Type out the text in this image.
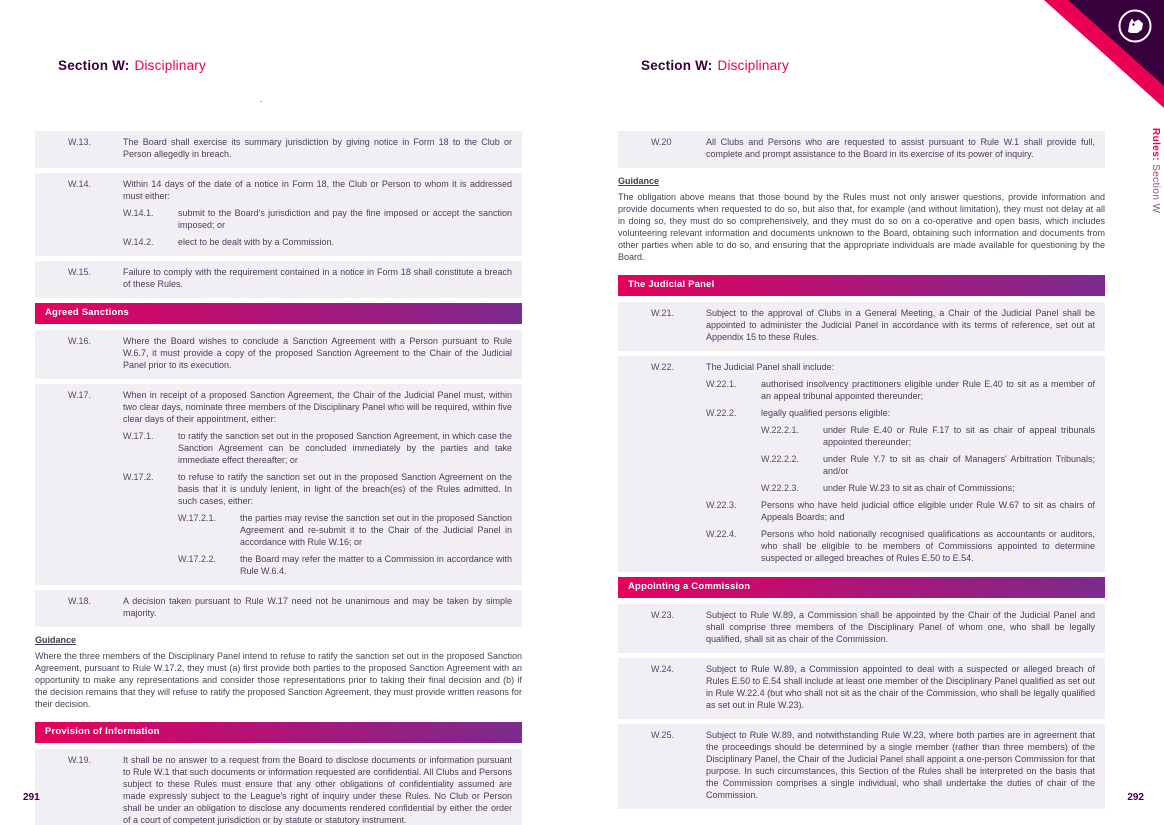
Rules: Section W
Section W: Disciplinary
W.13.	The Board shall exercise its summary jurisdiction by giving notice in Form 18 to the Club or Person allegedly in breach.
W.14.	Within 14 days of the date of a notice in Form 18, the Club or Person to whom it is addressed must either:
W.14.1.	submit to the Board's jurisdiction and pay the fine imposed or accept the sanction imposed; or
W.14.2.	elect to be dealt with by a Commission.
W.15.	Failure to comply with the requirement contained in a notice in Form 18 shall constitute a breach of these Rules.
Agreed Sanctions
W.16.	Where the Board wishes to conclude a Sanction Agreement with a Person pursuant to Rule W.6.7, it must provide a copy of the proposed Sanction Agreement to the Chair of the Judicial Panel prior to its execution.
W.17.	When in receipt of a proposed Sanction Agreement, the Chair of the Judicial Panel must, within two clear days, nominate three members of the Disciplinary Panel who will be required, within five clear days of their appointment, either:
W.17.1.	to ratify the sanction set out in the proposed Sanction Agreement, in which case the Sanction Agreement can be concluded immediately by the parties and take immediate effect thereafter; or
W.17.2.	to refuse to ratify the sanction set out in the proposed Sanction Agreement on the basis that it is unduly lenient, in light of the breach(es) of the Rules admitted. In such cases, either:
W.17.2.1.	the parties may revise the sanction set out in the proposed Sanction Agreement and re-submit it to the Chair of the Judicial Panel in accordance with Rule W.16; or
W.17.2.2.	the Board may refer the matter to a Commission in accordance with Rule W.6.4.
W.18.	A decision taken pursuant to Rule W.17 need not be unanimous and may be taken by simple majority.
Guidance
Where the three members of the Disciplinary Panel intend to refuse to ratify the sanction set out in the proposed Sanction Agreement, pursuant to Rule W.17.2, they must (a) first provide both parties to the proposed Sanction Agreement with an opportunity to make any representations and consider those representations prior to taking their final decision and (b) if the decision remains that they will refuse to ratify the proposed Sanction Agreement, they must provide written reasons for their decision.
Provision of Information
W.19.	It shall be no answer to a request from the Board to disclose documents or information pursuant to Rule W.1 that such documents or information requested are confidential. All Clubs and Persons subject to these Rules must ensure that any other obligations of confidentiality assumed are made expressly subject to the League's right of inquiry under these Rules. No Club or Person shall be under an obligation to disclose any documents rendered confidential by either the order of a court of competent jurisdiction or by statute or statutory instrument.
.
Section W: Disciplinary
W.20	All Clubs and Persons who are requested to assist pursuant to Rule W.1 shall provide full, complete and prompt assistance to the Board in its exercise of its power of inquiry.
Guidance
The obligation above means that those bound by the Rules must not only answer questions, provide information and provide documents when requested to do so, but also that, for example (and without limitation), they must not delay at all in doing so, they must do so comprehensively, and they must do so on a co-operative and open basis, which includes volunteering relevant information and documents unknown to the Board, obtaining such information and documents from other parties when able to do so, and ensuring that the appropriate individuals are made available for questioning by the Board.
The Judicial Panel
W.21.	Subject to the approval of Clubs in a General Meeting, a Chair of the Judicial Panel shall be appointed to administer the Judicial Panel in accordance with its terms of reference, set out at Appendix 15 to these Rules.
W.22.	The Judicial Panel shall include:
W.22.1.	authorised insolvency practitioners eligible under Rule E.40 to sit as a member of an appeal tribunal appointed thereunder;
W.22.2.	legally qualified persons eligible:
W.22.2.1.	under Rule E.40 or Rule F.17 to sit as chair of appeal tribunals appointed thereunder;
W.22.2.2.	under Rule Y.7 to sit as chair of Managers' Arbitration Tribunals; and/or
W.22.2.3.	under Rule W.23 to sit as chair of Commissions;
W.22.3.	Persons who have held judicial office eligible under Rule W.67 to sit as chairs of Appeals Boards; and
W.22.4.	Persons who hold nationally recognised qualifications as accountants or auditors, who shall be eligible to be members of Commissions appointed to determine suspected or alleged breaches of Rules E.50 to E.54.
Appointing a Commission
W.23.	Subject to Rule W.89, a Commission shall be appointed by the Chair of the Judicial Panel and shall comprise three members of the Disciplinary Panel of whom one, who shall be legally qualified, shall sit as chair of the Commission.
W.24.	Subject to Rule W.89, a Commission appointed to deal with a suspected or alleged breach of Rules E.50 to E.54 shall include at least one member of the Disciplinary Panel qualified as set out in Rule W.22.4 (but who shall not sit as the chair of the Commission, who shall be legally qualified as set out in Rule W.23).
W.25.	Subject to Rule W.89, and notwithstanding Rule W.23, where both parties are in agreement that the proceedings should be determined by a single member (rather than three members) of the Disciplinary Panel, the Chair of the Judicial Panel shall appoint a one-person Commission for that purpose. In such circumstances, this Section of the Rules shall be interpreted on the basis that the Commission comprises a single individual, who shall undertake the duties of chair of the Commission.
291	292
